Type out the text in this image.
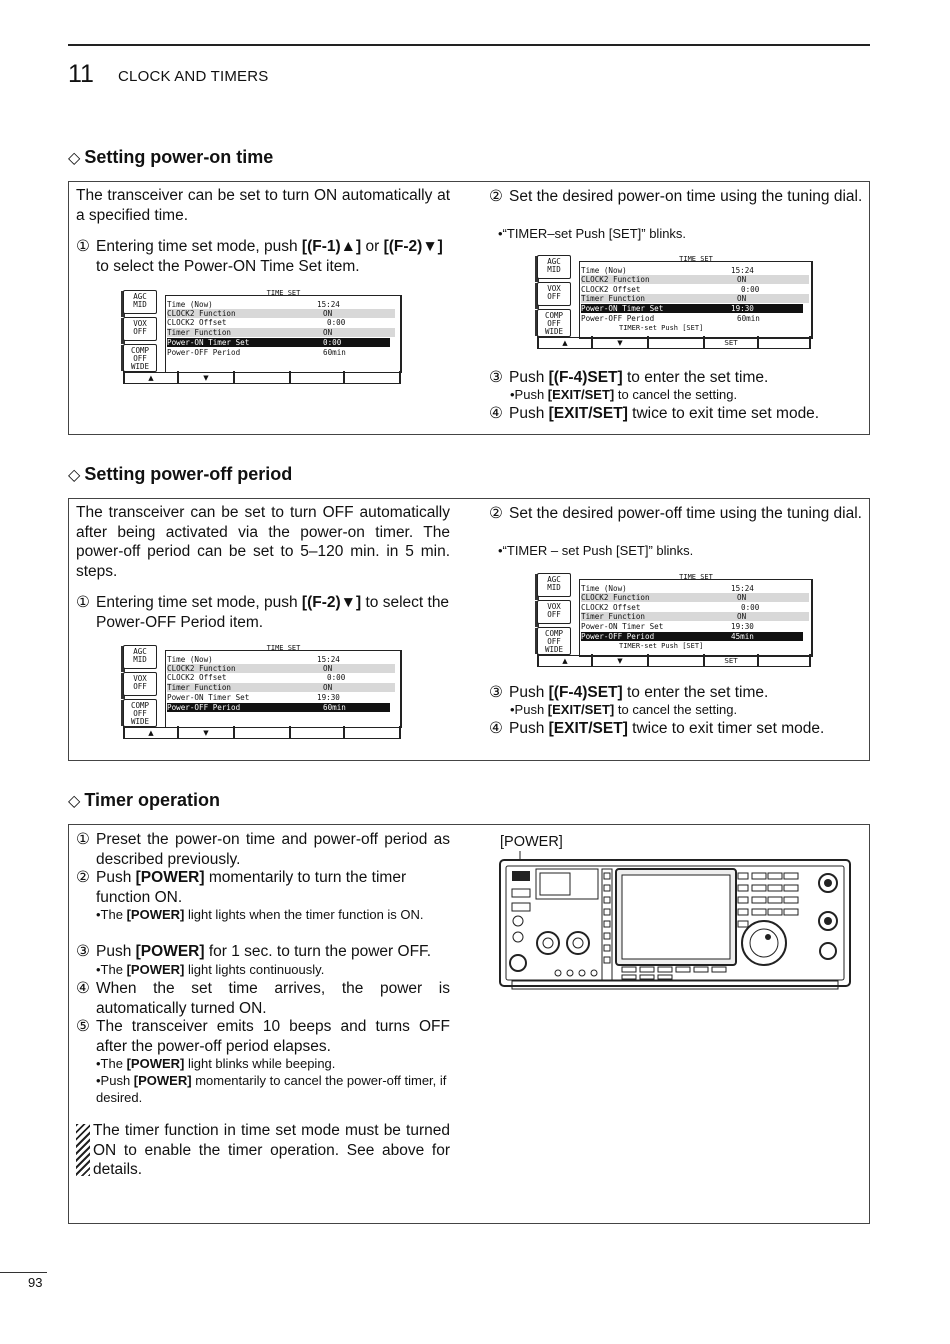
11 CLOCK AND TIMERS
◇ Setting power-on time
The transceiver can be set to turn ON automatically at a specified time.
① Entering time set mode, push [(F-1)▲] or [(F-2)▼] to select the Power-ON Time Set item.
AGC
MID
VOX
OFF
COMP
OFF
WIDE
TIME SET
Time (Now)	15:24
CLOCK2 Function	ON
CLOCK2 Offset	0:00
Timer Function	ON
Power-ON Timer Set	0:00
Power-OFF Period	60min
▲	▼
② Set the desired power-on time using the tuning dial.
•“TIMER–set Push [SET]” blinks.
AGC
MID
VOX
OFF
COMP
OFF
WIDE
TIME SET
Time (Now)	15:24
CLOCK2 Function	ON
CLOCK2 Offset	0:00
Timer Function	ON
Power-ON Timer Set	19:30
Power-OFF Period	60min
TIMER-set Push [SET]
▲	▼	SET
③ Push [(F-4)SET] to enter the set time.
•Push [EXIT/SET] to cancel the setting.
④ Push [EXIT/SET] twice to exit time set mode.
◇ Setting power-off period
The transceiver can be set to turn OFF automatically after being activated via the power-on timer. The power-off period can be set to 5–120 min. in 5 min. steps.
① Entering time set mode, push [(F-2)▼] to select the Power-OFF Period item.
AGC
MID
VOX
OFF
COMP
OFF
WIDE
TIME SET
Time (Now)	15:24
CLOCK2 Function	ON
CLOCK2 Offset	0:00
Timer Function	ON
Power-ON Timer Set	19:30
Power-OFF Period	60min
▲	▼
② Set the desired power-off time using the tuning dial.
•“TIMER – set Push [SET]” blinks.
AGC
MID
VOX
OFF
COMP
OFF
WIDE
TIME SET
Time (Now)	15:24
CLOCK2 Function	ON
CLOCK2 Offset	0:00
Timer Function	ON
Power-ON Timer Set	19:30
Power-OFF Period	45min
TIMER-set Push [SET]
▲	▼	SET
③ Push [(F-4)SET] to enter the set time.
•Push [EXIT/SET] to cancel the setting.
④ Push [EXIT/SET] twice to exit timer set mode.
◇ Timer operation
① Preset the power-on time and power-off period as described previously.
② Push [POWER] momentarily to turn the timer function ON.
•The [POWER] light lights when the timer function is ON.
③ Push [POWER] for 1 sec. to turn the power OFF.
•The [POWER] light lights continuously.
④ When the set time arrives, the power is automatically turned ON.
⑤ The transceiver emits 10 beeps and turns OFF after the power-off period elapses.
•The [POWER] light blinks while beeping.
•Push [POWER] momentarily to cancel the power-off timer, if desired.
The timer function in time set mode must be turned ON to enable the timer operation. See above for details.
[POWER]
93
